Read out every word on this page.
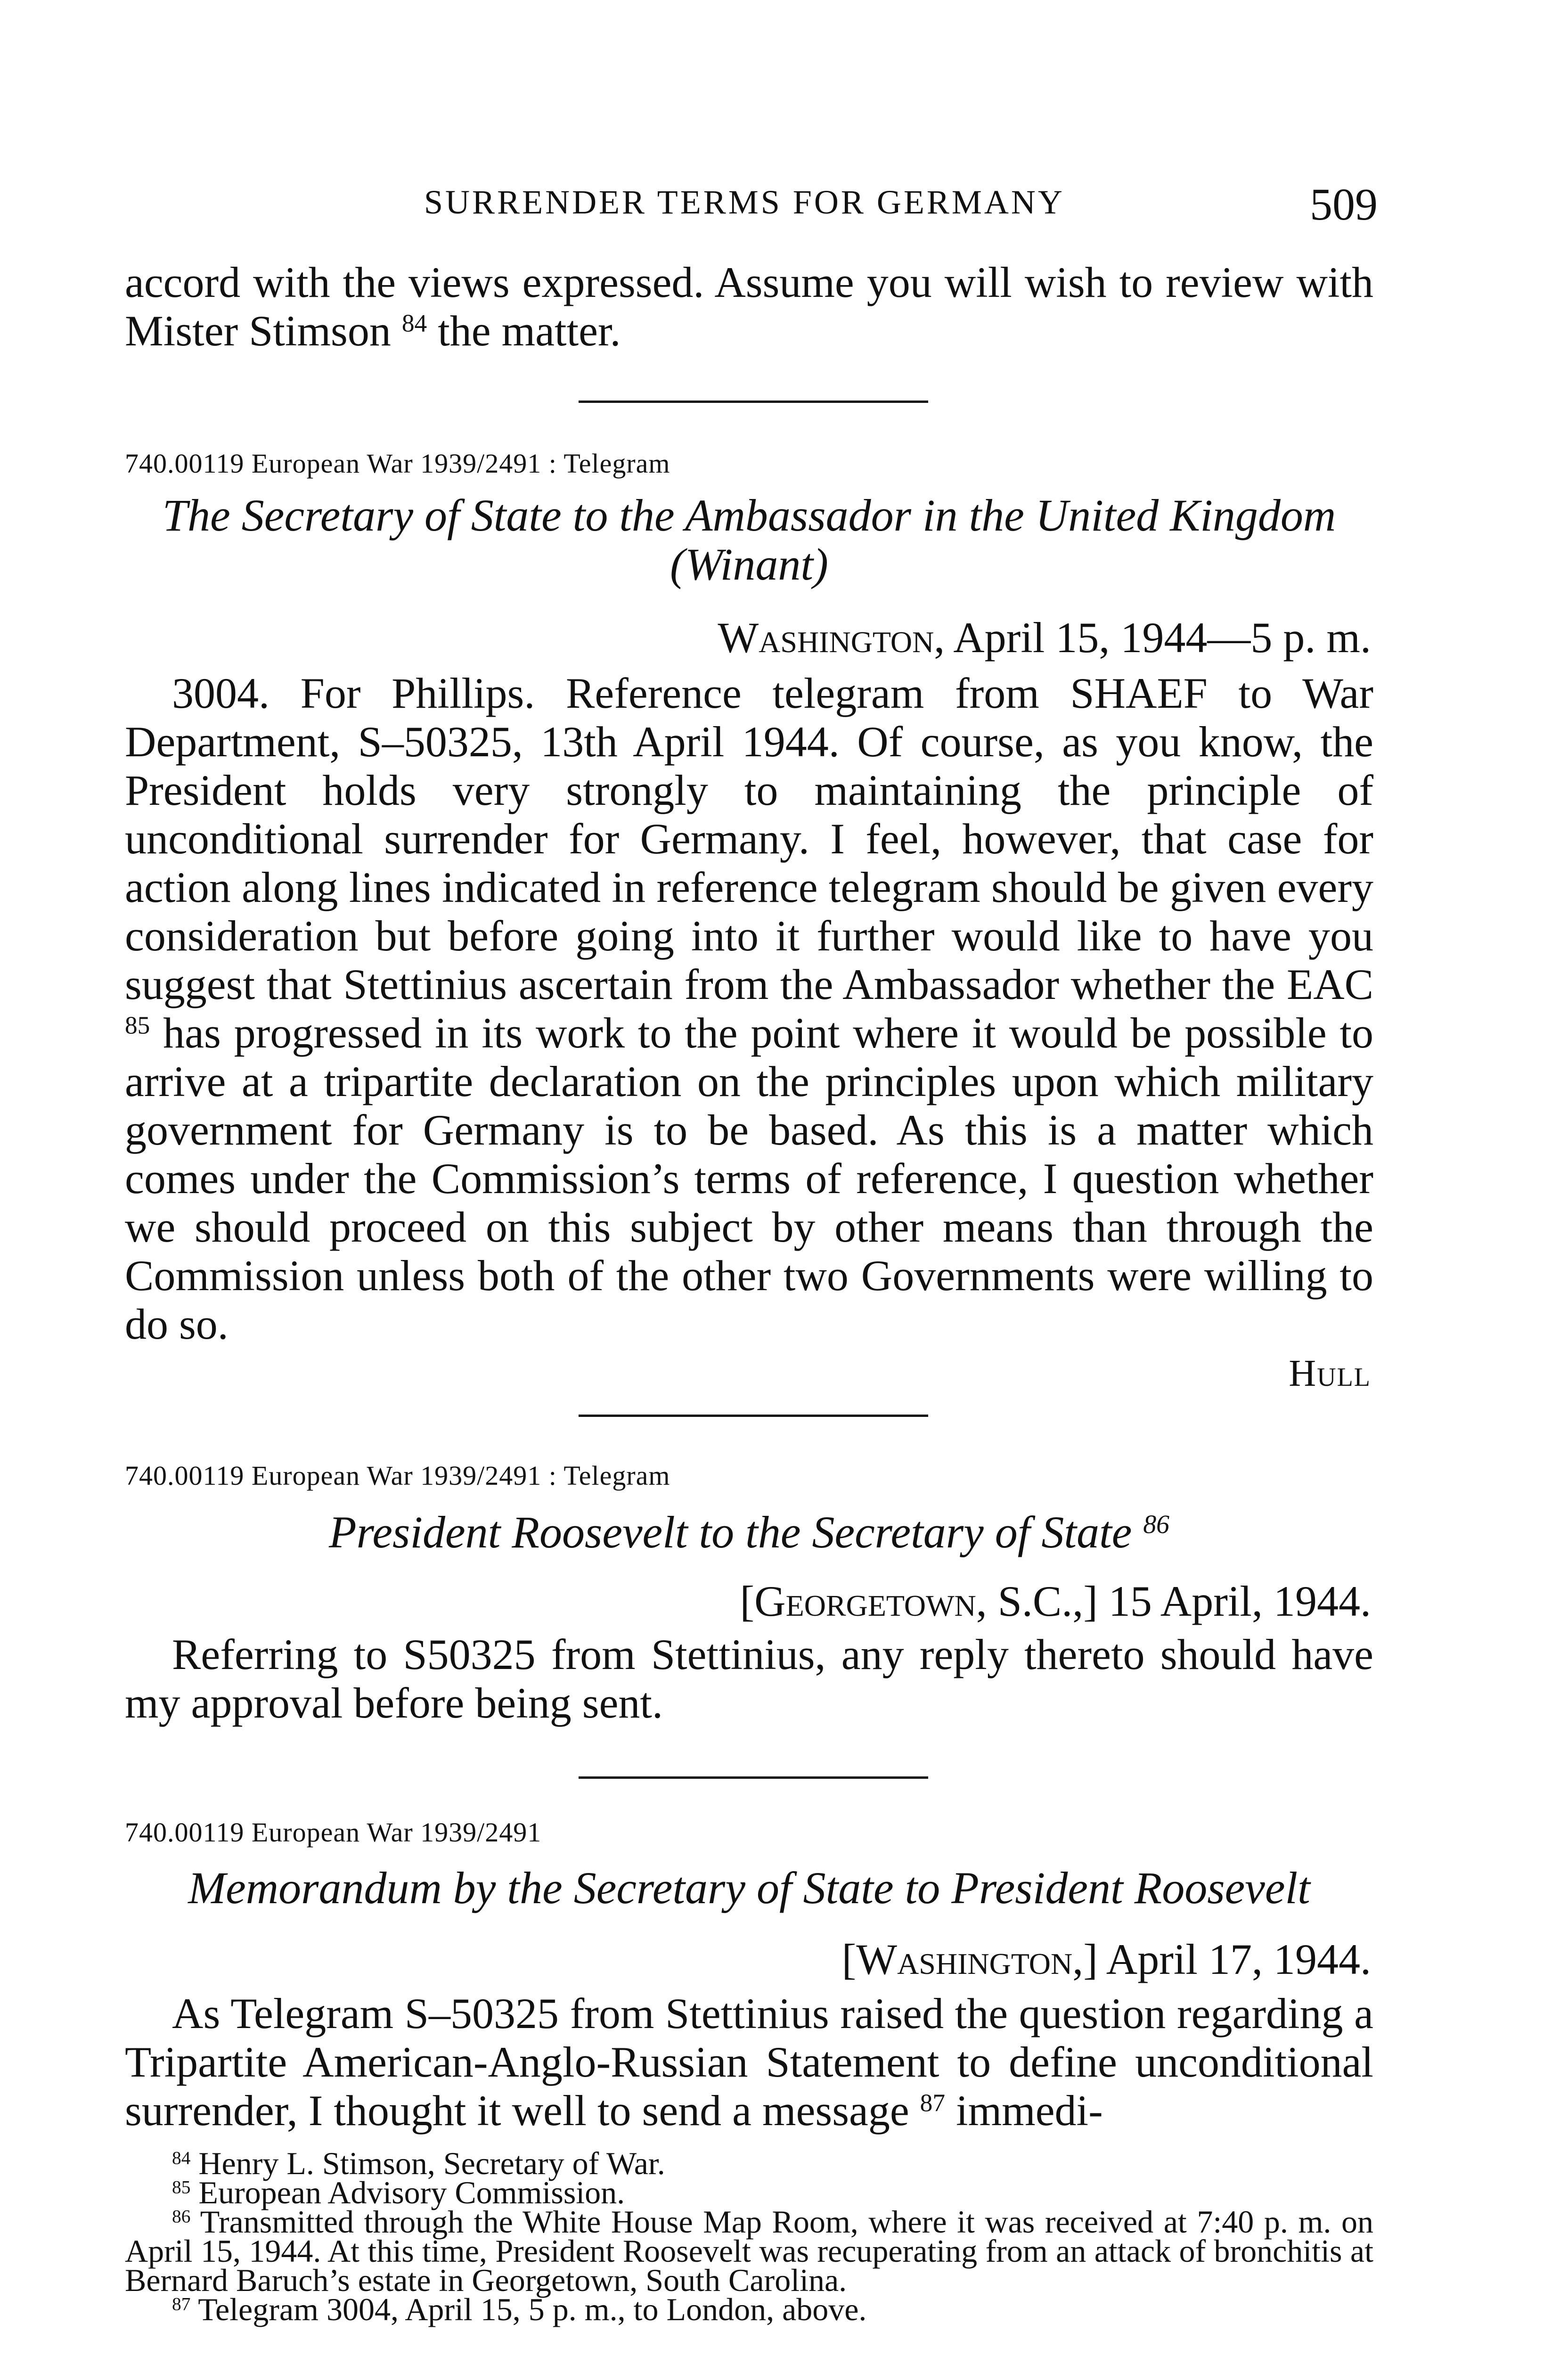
SURRENDER TERMS FOR GERMANY	509

accord with the views expressed. Assume you will wish to review with Mister Stimson $^{84}$ the matter.

740.00119 European War 1939/2491 : Telegram
The Secretary of State to the Ambassador in the United Kingdom
(Winant)
Washington, April 15, 1944—5 p. m.

3004. For Phillips. Reference telegram from SHAEF to War Department, S–50325, 13th April 1944. Of course, as you know, the President holds very strongly to maintaining the principle of unconditional surrender for Germany. I feel, however, that case for action along lines indicated in reference telegram should be given every consideration but before going into it further would like to have you suggest that Stettinius ascertain from the Ambassador whether the EAC $^{85}$ has progressed in its work to the point where it would be possible to arrive at a tripartite declaration on the principles upon which military government for Germany is to be based. As this is a matter which comes under the Commission’s terms of reference, I question whether we should proceed on this subject by other means than through the Commission unless both of the other two Governments were willing to do so.

Hull
740.00119 European War 1939/2491 : Telegram
President Roosevelt to the Secretary of State $^{86}$
[Georgetown, S.C.,] 15 April, 1944.

Referring to S50325 from Stettinius, any reply thereto should have my approval before being sent.

740.00119 European War 1939/2491
Memorandum by the Secretary of State to President Roosevelt
[Washington,] April 17, 1944.

As Telegram S–50325 from Stettinius raised the question regarding a Tripartite American-Anglo-Russian Statement to define unconditional surrender, I thought it well to send a message $^{87}$ immedi-

$^{84}$ Henry L. Stimson, Secretary of War.

$^{85}$ European Advisory Commission.

$^{86}$ Transmitted through the White House Map Room, where it was received at 7:40 p. m. on April 15, 1944. At this time, President Roosevelt was recuperating from an attack of bronchitis at Bernard Baruch’s estate in Georgetown, South Carolina.

$^{87}$ Telegram 3004, April 15, 5 p. m., to London, above.
